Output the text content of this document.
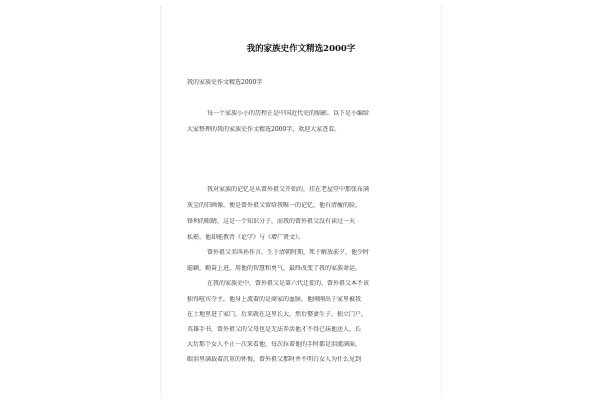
我的家族史作文精选2000字
我的家族史作文精选2000字
每一个家族小小的历程正是中国近代史的缩影。以下是小编给
大家整理的我的家族史作文精选2000字，欢迎大家查看。
我对家族的记忆是从曾外祖父开始的，挂在老屋堂中那张布满
灰尘的旧画像，便是曾外祖父留给我唯一的记忆，他有清瘦的脸，
锋利的眼睛，这是一个知识分子，而我的曾外祖父没有读过一天
私塾，他却能教背《论学》与《增广贤文》。
曾外祖父名叫孙作言，生于清朝时期，死于解放前夕，他少时
聪颖，勤奋上进，用他的智慧和勇气，最终改变了我的家族命运。
在我的家族史中，曾外祖父是第六代迁徙的，曾外祖父本不该
独得喧宾夺主，他身上流着的是商家的血脉，他刚刚出于家里被我
在土地里进了家门，后来就在这里长大，然后娶妻生子，独立门户，
英雄手书，曾外祖父的父母也是无法养活他才不得已抹他送人，长
大后那个女人不止一次来看他，每次拉着他的手时都是泪流满面，
眼泪里满载着沉重的怀悔，曾外祖父那时并不明白女人为什么见到
